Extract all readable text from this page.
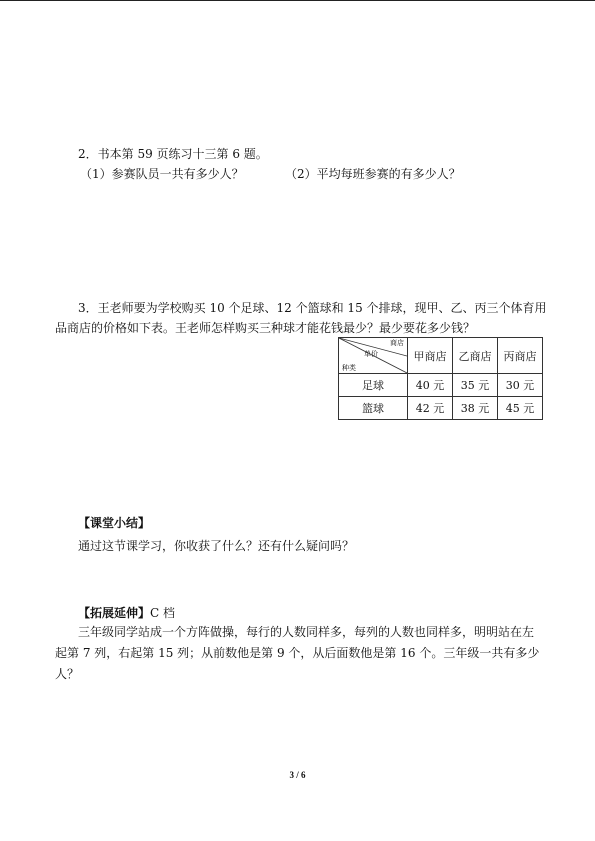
2．书本第 59 页练习十三第 6 题。
（1）参赛队员一共有多少人？	（2）平均每班参赛的有多少人？
3．王老师要为学校购买 10 个足球、12 个篮球和 15 个排球，现甲、乙、丙三个体育用
品商店的价格如下表。王老师怎样购买三种球才能花钱最少？最少要花多少钱？
商店
单价
种类	甲商店	乙商店	丙商店
足球	40 元	35 元	30 元
篮球	42 元	38 元	45 元
【课堂小结】
通过这节课学习，你收获了什么？还有什么疑问吗？
【拓展延伸】C 档
三年级同学站成一个方阵做操，每行的人数同样多，每列的人数也同样多，明明站在左
起第 7 列，右起第 15 列；从前数他是第 9 个，从后面数他是第 16 个。三年级一共有多少
人？
3 / 6
